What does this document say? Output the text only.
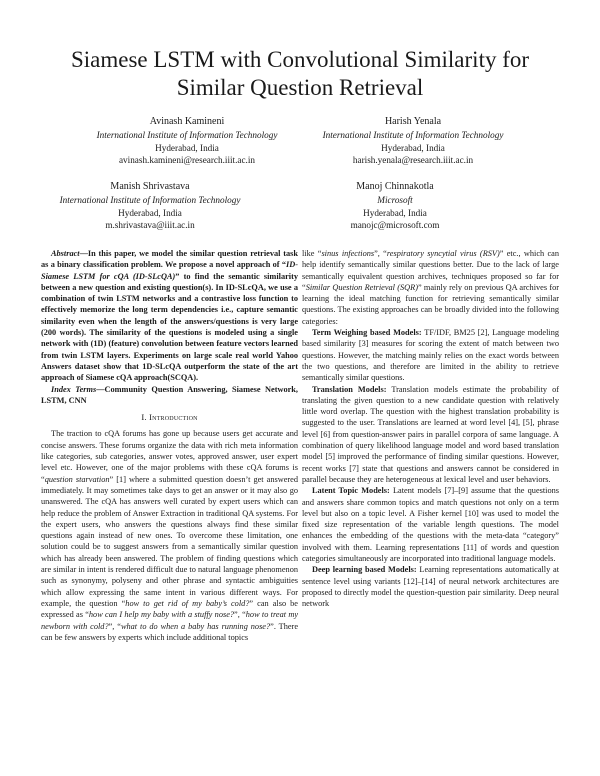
Siamese LSTM with Convolutional Similarity for
Similar Question Retrieval
Avinash Kamineni
International Institute of Information Technology
Hyderabad, India
avinash.kamineni@research.iiit.ac.in
Harish Yenala
International Institute of Information Technology
Hyderabad, India
harish.yenala@research.iiit.ac.in
Manish Shrivastava
International Institute of Information Technology
Hyderabad, India
m.shrivastava@iiit.ac.in
Manoj Chinnakotla
Microsoft
Hyderabad, India
manojc@microsoft.com

Abstract—In this paper, we model the similar question retrieval task as a binary classification problem. We propose a novel approach of “ID-Siamese LSTM for cQA (ID-SLcQA)” to find the semantic similarity between a new question and existing question(s). In ID-SLcQA, we use a combination of twin LSTM networks and a contrastive loss function to effectively memorize the long term dependencies i.e., capture semantic similarity even when the length of the answers/questions is very large (200 words). The similarity of the questions is modeled using a single network with (1D) (feature) convolution between feature vectors learned from twin LSTM layers. Experiments on large scale real world Yahoo Answers dataset show that 1D-SLcQA outperform the state of the art approach of Siamese cQA approach(SCQA).

Index Terms—Community Question Answering, Siamese Network, LSTM, CNN

I. Introduction

The traction to cQA forums has gone up because users get accurate and concise answers. These forums organize the data with rich meta information like categories, sub categories, answer votes, approved answer, user expert level etc. However, one of the major problems with these cQA forums is “question starvation” [1] where a submitted question doesn’t get answered immediately. It may sometimes take days to get an answer or it may also go unanswered. The cQA has answers well curated by expert users which can help reduce the problem of Answer Extraction in traditional QA systems. For the expert users, who answers the questions always find these similar questions again instead of new ones. To overcome these limitation, one solution could be to suggest answers from a semantically similar question which has already been answered. The problem of finding questions which are similar in intent is rendered difficult due to natural language phenomenon such as synonymy, polyseny and other phrase and syntactic ambiguities which allow expressing the same intent in various different ways. For example, the question “how to get rid of my baby’s cold?” can also be expressed as “how can I help my baby with a stuffy nose?”, “how to treat my newborn with cold?”, “what to do when a baby has running nose?”. There can be few answers by experts which include additional topics

like “sinus infections”, “respiratory syncytial virus (RSV)” etc., which can help identify semantically similar questions better. Due to the lack of large semantically equivalent question archives, techniques proposed so far for “Similar Question Retrieval (SQR)” mainly rely on previous QA archives for learning the ideal matching function for retrieving semantically similar questions. The existing approaches can be broadly divided into the following categories:

Term Weighing based Models: TF/IDF, BM25 [2], Language modeling based similarity [3] measures for scoring the extent of match between two questions. However, the matching mainly relies on the exact words between the two questions, and therefore are limited in the ability to retrieve semantically similar questions.

Translation Models: Translation models estimate the probability of translating the given question to a new candidate question with relatively little word overlap. The question with the highest translation probability is suggested to the user. Translations are learned at word level [4], [5], phrase level [6] from question-answer pairs in parallel corpora of same language. A combination of query likelihood language model and word based translation model [5] improved the performance of finding similar questions. However, recent works [7] state that questions and answers cannot be considered in parallel because they are heterogeneous at lexical level and user behaviors.

Latent Topic Models: Latent models [7]–[9] assume that the questions and answers share common topics and match questions not only on a term level but also on a topic level. A Fisher kernel [10] was used to model the fixed size representation of the variable length questions. The model enhances the embedding of the questions with the meta-data “category” involved with them. Learning representations [11] of words and question categories simultaneously are incorporated into traditional language models.

Deep learning based Models: Learning representations automatically at sentence level using variants [12]–[14] of neural network architectures are proposed to directly model the question-question pair similarity. Deep neural network
